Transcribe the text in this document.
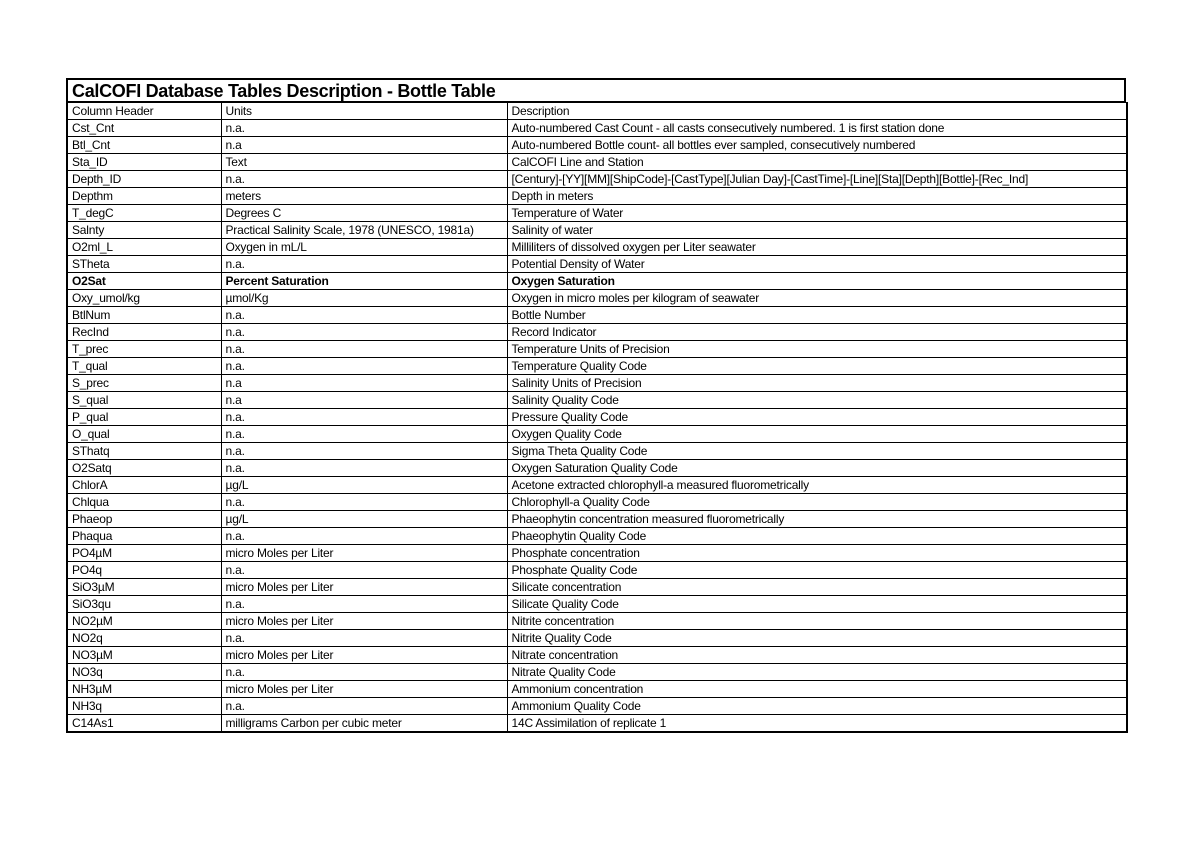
CalCOFI Database Tables Description - Bottle Table
Column Header	Units	Description
Cst_Cnt	n.a.	Auto-numbered Cast Count - all casts consecutively numbered. 1 is first station done
Btl_Cnt	n.a	Auto-numbered Bottle count- all bottles ever sampled, consecutively numbered
Sta_ID	Text	CalCOFI Line and Station
Depth_ID	n.a.	[Century]-[YY][MM][ShipCode]-[CastType][Julian Day]-[CastTime]-[Line][Sta][Depth][Bottle]-[Rec_Ind]
Depthm	meters	Depth in meters
T_degC	Degrees C	Temperature of Water
Salnty	Practical Salinity Scale, 1978 (UNESCO, 1981a)	Salinity of water
O2ml_L	Oxygen in mL/L	Milliliters of dissolved oxygen per Liter seawater
STheta	n.a.	Potential Density of Water
O2Sat	Percent Saturation	Oxygen Saturation
Oxy_umol/kg	µmol/Kg	Oxygen in micro moles per kilogram of seawater
BtlNum	n.a.	Bottle Number
RecInd	n.a.	Record Indicator
T_prec	n.a.	Temperature Units of Precision
T_qual	n.a.	Temperature Quality Code
S_prec	n.a	Salinity Units of Precision
S_qual	n.a	Salinity Quality Code
P_qual	n.a.	Pressure Quality Code
O_qual	n.a.	Oxygen Quality Code
SThatq	n.a.	Sigma Theta Quality Code
O2Satq	n.a.	Oxygen Saturation Quality Code
ChlorA	µg/L	Acetone extracted chlorophyll-a measured fluorometrically
Chlqua	n.a.	Chlorophyll-a Quality Code
Phaeop	µg/L	Phaeophytin concentration measured fluorometrically
Phaqua	n.a.	Phaeophytin Quality Code
PO4µM	micro Moles per Liter	Phosphate concentration
PO4q	n.a.	Phosphate Quality Code
SiO3µM	micro Moles per Liter	Silicate concentration
SiO3qu	n.a.	Silicate Quality Code
NO2µM	micro Moles per Liter	Nitrite concentration
NO2q	n.a.	Nitrite Quality Code
NO3µM	micro Moles per Liter	Nitrate concentration
NO3q	n.a.	Nitrate Quality Code
NH3µM	micro Moles per Liter	Ammonium concentration
NH3q	n.a.	Ammonium Quality Code
C14As1	milligrams Carbon per cubic meter	14C Assimilation of replicate 1
